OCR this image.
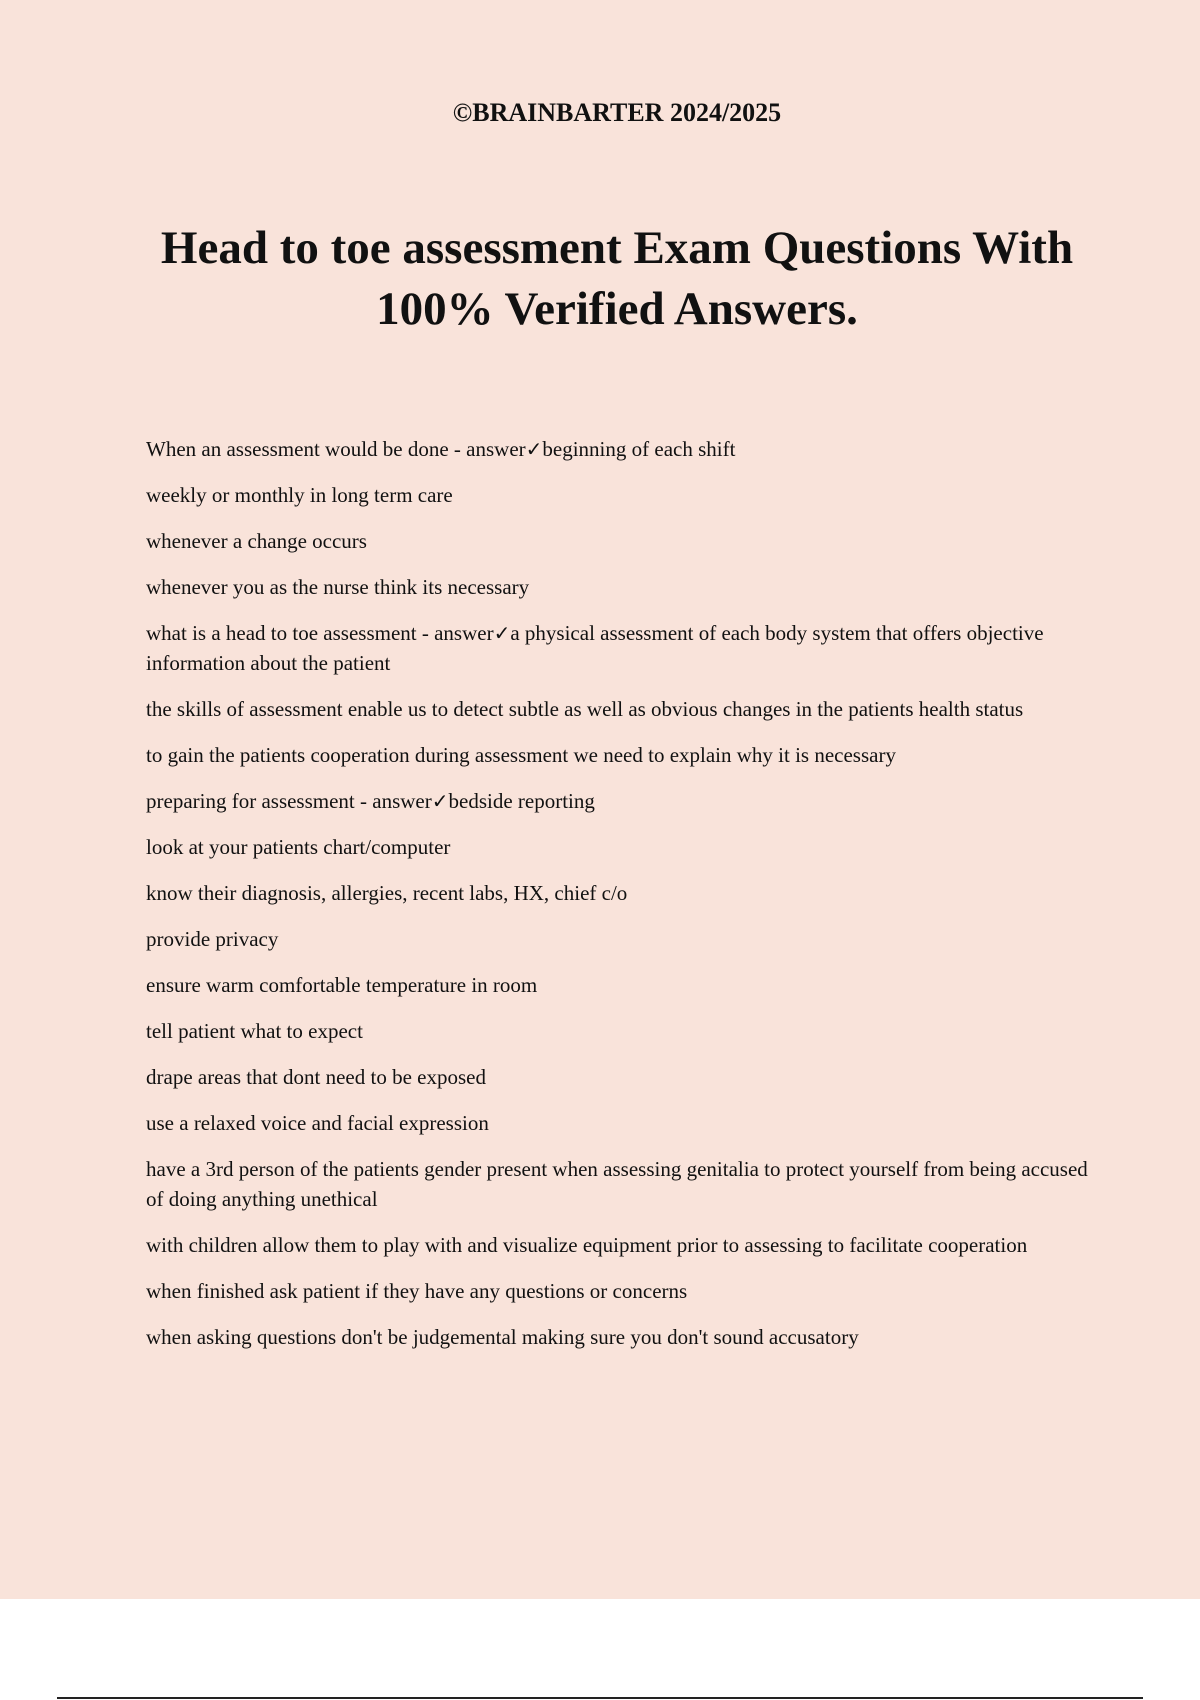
©BRAINBARTER 2024/2025
Head to toe assessment Exam Questions With 100% Verified Answers.

When an assessment would be done - answer✓beginning of each shift

weekly or monthly in long term care

whenever a change occurs

whenever you as the nurse think its necessary

what is a head to toe assessment - answer✓a physical assessment of each body system that offers objective information about the patient

the skills of assessment enable us to detect subtle as well as obvious changes in the patients health status

to gain the patients cooperation during assessment we need to explain why it is necessary

preparing for assessment - answer✓bedside reporting

look at your patients chart/computer

know their diagnosis, allergies, recent labs, HX, chief c/o

provide privacy

ensure warm comfortable temperature in room

tell patient what to expect

drape areas that dont need to be exposed

use a relaxed voice and facial expression

have a 3rd person of the patients gender present when assessing genitalia to protect yourself from being accused of doing anything unethical

with children allow them to play with and visualize equipment prior to assessing to facilitate cooperation

when finished ask patient if they have any questions or concerns

when asking questions don't be judgemental making sure you don't sound accusatory
